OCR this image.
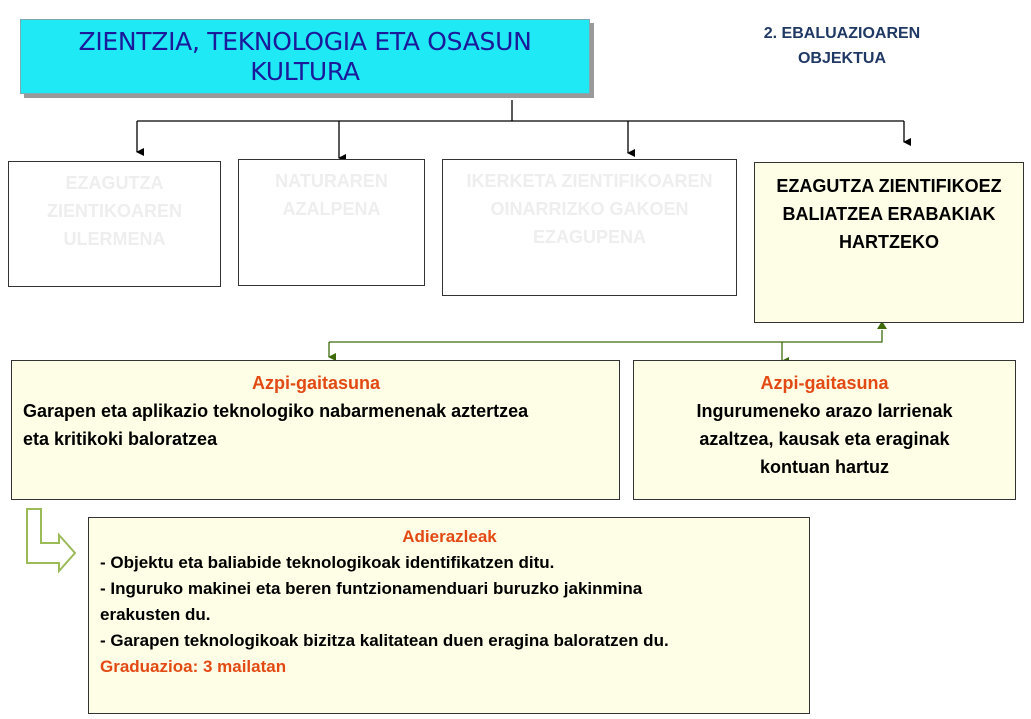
ZIENTZIA, TEKNOLOGIA ETA OSASUN
KULTURA
2. EBALUAZIOAREN
OBJEKTUA
EZAGUTZA
ZIENTIKOAREN
ULERMENA
NATURAREN
AZALPENA
IKERKETA ZIENTIFIKOAREN
OINARRIZKO GAKOEN
EZAGUPENA
EZAGUTZA ZIENTIFIKOEZ
BALIATZEA ERABAKIAK
HARTZEKO
Azpi-gaitasuna
Garapen eta aplikazio teknologiko nabarmenenak aztertzea
eta kritikoki baloratzea
Azpi-gaitasuna
Ingurumeneko arazo larrienak
azaltzea, kausak eta eraginak
kontuan hartuz
Adierazleak
- Objektu eta baliabide teknologikoak identifikatzen ditu.
- Inguruko makinei eta beren funtzionamenduari buruzko jakinmina
erakusten du.
- Garapen teknologikoak bizitza kalitatean duen eragina baloratzen du.
Graduazioa: 3 mailatan
